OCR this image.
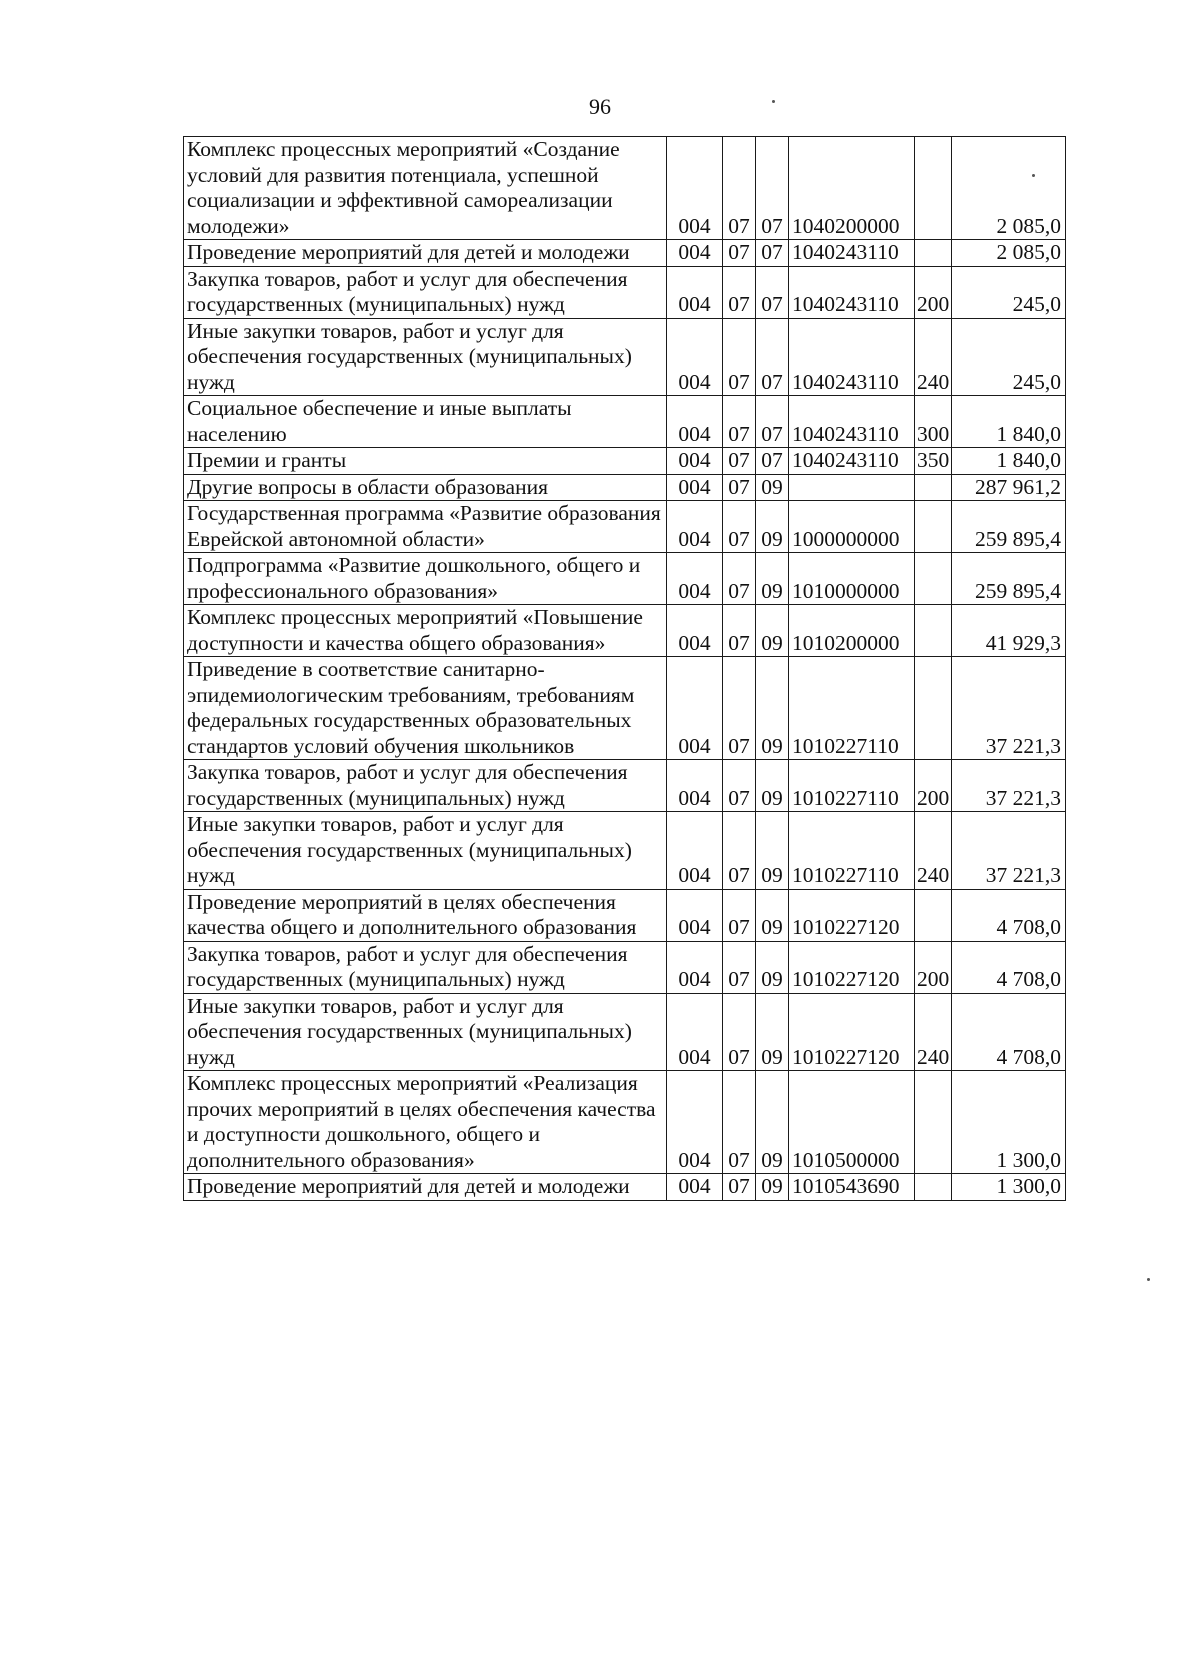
96
Комплекс процессных мероприятий «Создание условий для развития потенциала, успешной социализации и эффективной самореализации молодежи»	004	07	07	1040200000		2 085,0
Проведение мероприятий для детей и молодежи	004	07	07	1040243110		2 085,0
Закупка товаров, работ и услуг для обеспечения государственных (муниципальных) нужд	004	07	07	1040243110	200	245,0
Иные закупки товаров, работ и услуг для обеспечения государственных (муниципальных) нужд	004	07	07	1040243110	240	245,0
Социальное обеспечение и иные выплаты населению	004	07	07	1040243110	300	1 840,0
Премии и гранты	004	07	07	1040243110	350	1 840,0
Другие вопросы в области образования	004	07	09			287 961,2
Государственная программа «Развитие образования Еврейской автономной области»	004	07	09	1000000000		259 895,4
Подпрограмма «Развитие дошкольного, общего и профессионального образования»	004	07	09	1010000000		259 895,4
Комплекс процессных мероприятий «Повышение доступности и качества общего образования»	004	07	09	1010200000		41 929,3
Приведение в соответствие санитарно-эпидемиологическим требованиям, требованиям федеральных государственных образовательных стандартов условий обучения школьников	004	07	09	1010227110		37 221,3
Закупка товаров, работ и услуг для обеспечения государственных (муниципальных) нужд	004	07	09	1010227110	200	37 221,3
Иные закупки товаров, работ и услуг для обеспечения государственных (муниципальных) нужд	004	07	09	1010227110	240	37 221,3
Проведение мероприятий в целях обеспечения качества общего и дополнительного образования	004	07	09	1010227120		4 708,0
Закупка товаров, работ и услуг для обеспечения государственных (муниципальных) нужд	004	07	09	1010227120	200	4 708,0
Иные закупки товаров, работ и услуг для обеспечения государственных (муниципальных) нужд	004	07	09	1010227120	240	4 708,0
Комплекс процессных мероприятий «Реализация прочих мероприятий в целях обеспечения качества и доступности дошкольного, общего и дополнительного образования»	004	07	09	1010500000		1 300,0
Проведение мероприятий для детей и молодежи	004	07	09	1010543690		1 300,0
